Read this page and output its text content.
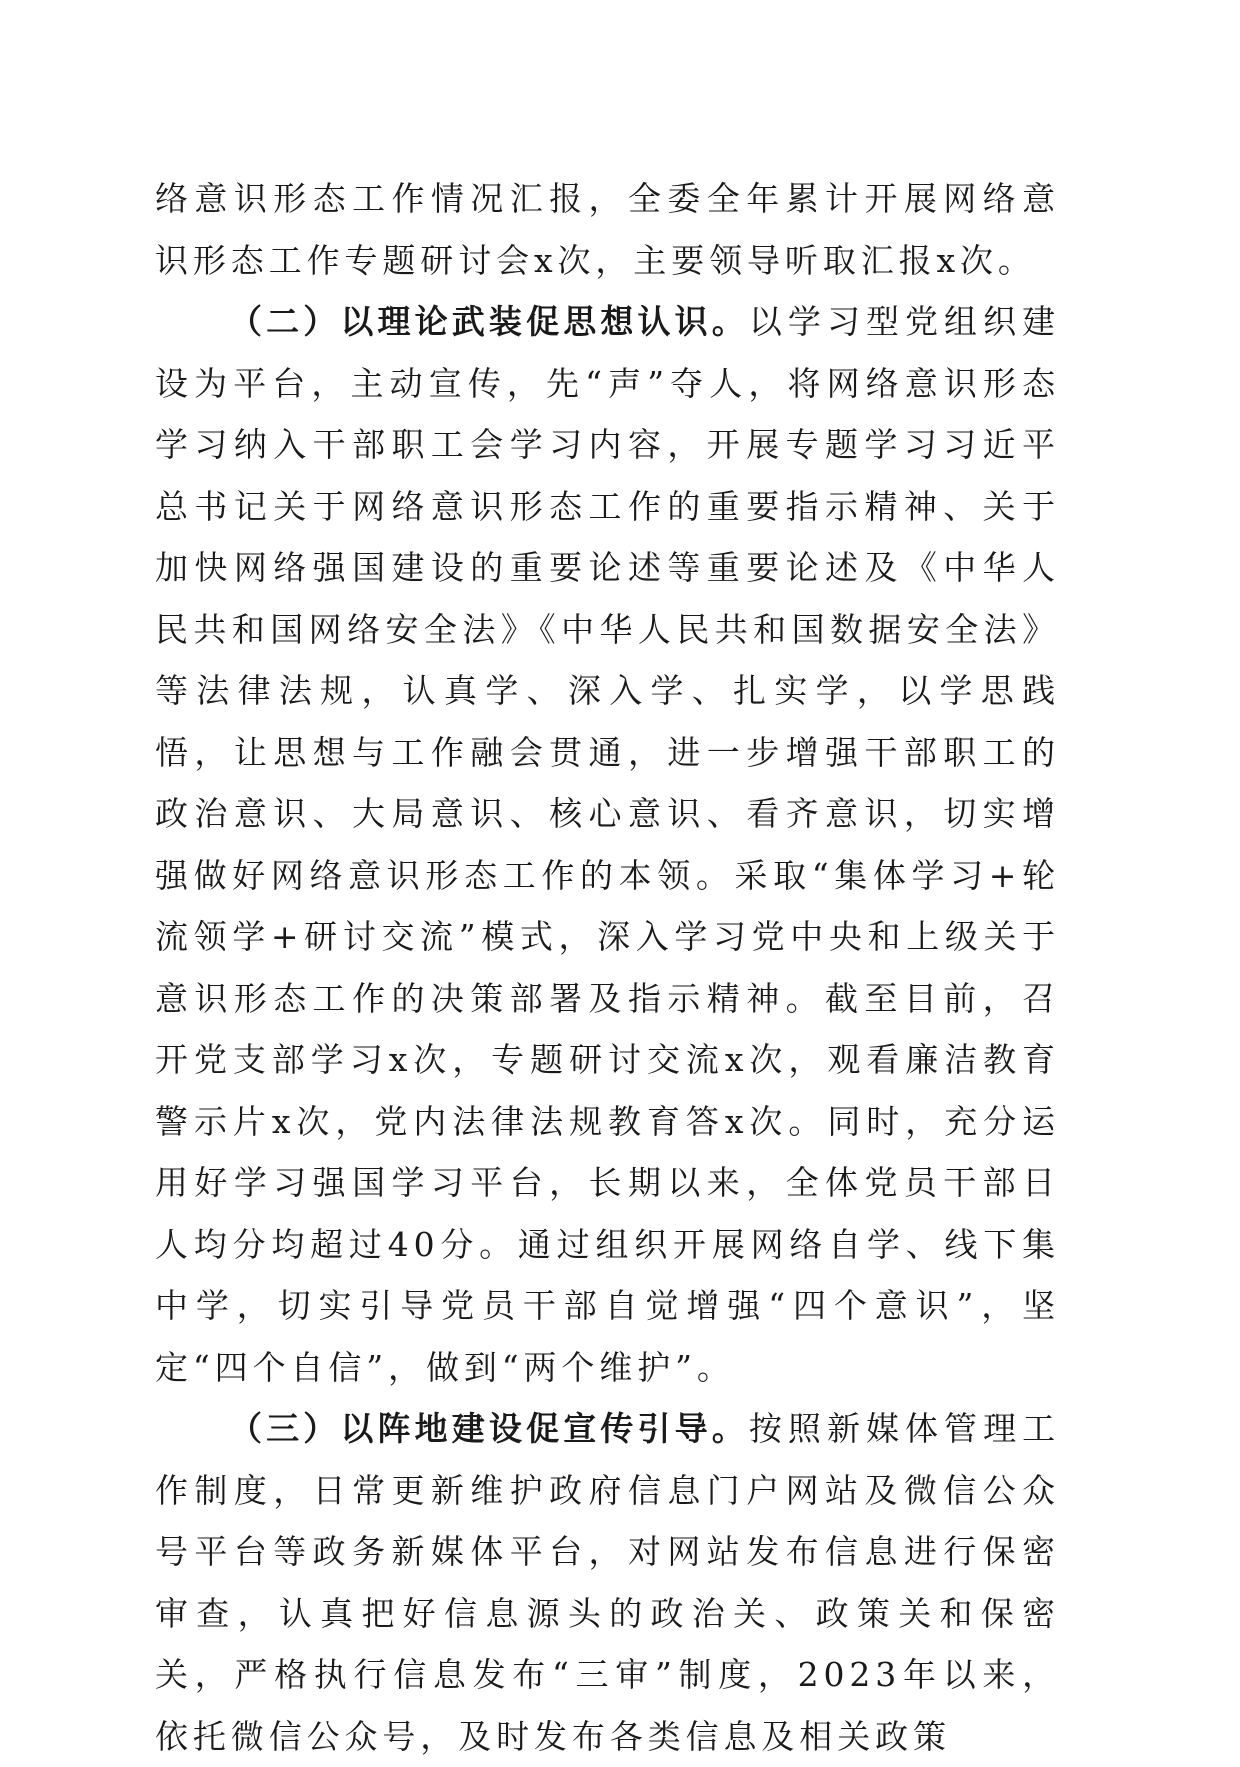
络意识形态工作情况汇报，全委全年累计开展网络意识形态工作专题研讨会x次，主要领导听取汇报x次。

（二）以理论武装促思想认识。以学习型党组织建设为平台，主动宣传，先“声”夺人，将网络意识形态学习纳入干部职工会学习内容，开展专题学习习近平总书记关于网络意识形态工作的重要指示精神、关于加快网络强国建设的重要论述等重要论述及《中华人民共和国网络安全法》《中华人民共和国数据安全法》等法律法规，认真学、深入学、扎实学，以学思践悟，让思想与工作融会贯通，进一步增强干部职工的政治意识、大局意识、核心意识、看齐意识，切实增强做好网络意识形态工作的本领。采取“集体学习+轮流领学+研讨交流”模式，深入学习党中央和上级关于意识形态工作的决策部署及指示精神。截至目前，召开党支部学习x次，专题研讨交流x次，观看廉洁教育警示片x次，党内法律法规教育答x次。同时，充分运用好学习强国学习平台，长期以来，全体党员干部日人均分均超过40分。通过组织开展网络自学、线下集中学，切实引导党员干部自觉增强“四个意识”，坚定“四个自信”，做到“两个维护”。

（三）以阵地建设促宣传引导。按照新媒体管理工作制度，日常更新维护政府信息门户网站及微信公众号平台等政务新媒体平台，对网站发布信息进行保密审查，认真把好信息源头的政治关、政策关和保密关，严格执行信息发布“三审”制度，2023年以来，依托微信公众号，及时发布各类信息及相关政策
